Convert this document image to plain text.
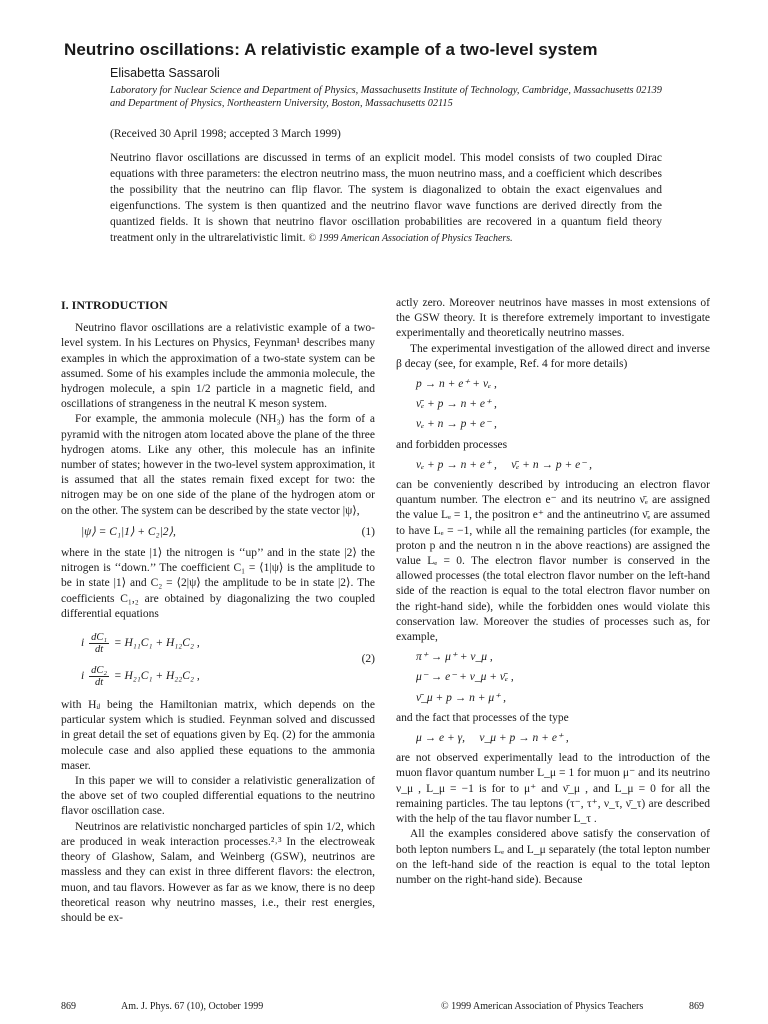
Neutrino oscillations: A relativistic example of a two-level system
Elisabetta Sassaroli
Laboratory for Nuclear Science and Department of Physics, Massachusetts Institute of Technology, Cambridge, Massachusetts 02139 and Department of Physics, Northeastern University, Boston, Massachusetts 02115
(Received 30 April 1998; accepted 3 March 1999)
Neutrino flavor oscillations are discussed in terms of an explicit model. This model consists of two coupled Dirac equations with three parameters: the electron neutrino mass, the muon neutrino mass, and a coefficient which describes the possibility that the neutrino can flip flavor. The system is diagonalized to obtain the exact eigenvalues and eigenfunctions. The system is then quantized and the neutrino flavor wave functions are derived directly from the quantized fields. It is shown that neutrino flavor oscillation probabilities are recovered in a quantum field theory treatment only in the ultrarelativistic limit. © 1999 American Association of Physics Teachers.
I. INTRODUCTION

Neutrino flavor oscillations are a relativistic example of a two-level system. In his Lectures on Physics, Feynman¹ describes many examples in which the approximation of a two-state system can be assumed. Some of his examples include the ammonia molecule, the hydrogen molecule, a spin 1/2 particle in a magnetic field, and oscillations of strangeness in the neutral K meson system.

For example, the ammonia molecule (NH₃) has the form of a pyramid with the nitrogen atom located above the plane of the three hydrogen atoms. Like any other, this molecule has an infinite number of states; however in the two-level system approximation, it is assumed that all the states remain fixed except for two: the nitrogen may be on one side of the plane of the hydrogen atom or on the other. The system can be described by the state vector |ψ⟩,

|ψ⟩ = C₁|1⟩ + C₂|2⟩,	(1)

where in the state |1⟩ the nitrogen is ‘‘up’’ and in the state |2⟩ the nitrogen is ‘‘down.’’ The coefficient C₁ = ⟨1|ψ⟩ is the amplitude to be in state |1⟩ and C₂ = ⟨2|ψ⟩ the amplitude to be in state |2⟩. The coefficients C₁,₂ are obtained by diagonalizing the two coupled differential equations

i $\frac{\text{dC₁}}{dt} = H_{11}C_1 + H_{12}C_2$ ,
i $\frac{\text{dC₂}}{dt} = H_{21}C_1 + H_{22}C_2$ ,
(2)

with Hᵢⱼ being the Hamiltonian matrix, which depends on the particular system which is studied. Feynman solved and discussed in great detail the set of equations given by Eq. (2) for the ammonia molecule case and also applied these equations to the ammonia maser.

In this paper we will to consider a relativistic generalization of the above set of two coupled differential equations to the neutrino flavor oscillation case.

Neutrinos are relativistic noncharged particles of spin 1/2, which are produced in weak interaction processes.²˒³ In the electroweak theory of Glashow, Salam, and Weinberg (GSW), neutrinos are massless and they can exist in three different flavors: the electron, muon, and tau flavors. However as far as we know, there is no deep theoretical reason why neutrino masses, i.e., their rest energies, should be ex-

actly zero. Moreover neutrinos have masses in most extensions of the GSW theory. It is therefore extremely important to investigate experimentally and theoretically neutrino masses.

The experimental investigation of the allowed direct and inverse β decay (see, for example, Ref. 4 for more details)

p → n + e⁺ + νₑ ,
ν̄ₑ + p → n + e⁺ ,
νₑ + n → p + e⁻ ,

and forbidden processes

νₑ + p → n + e⁺ ,     ν̄ₑ + n → p + e⁻ ,

can be conveniently described by introducing an electron flavor quantum number. The electron e⁻ and its neutrino ν̄ₑ are assigned the value Lₑ = 1, the positron e⁺ and the antineutrino ν̄ₑ are assumed to have Lₑ = −1, while all the remaining particles (for example, the proton p and the neutron n in the above reactions) are assigned the value Lₑ = 0. The electron flavor number is conserved in the allowed processes (the total electron flavor number on the left-hand side of the reaction is equal to the total electron flavor number on the right-hand side), while the forbidden ones would violate this conservation law. Moreover the studies of processes such as, for example,

π⁺ → μ⁺ + ν_μ ,
μ⁻ → e⁻ + ν_μ + ν̄ₑ ,
ν̄_μ + p → n + μ⁺ ,

and the fact that processes of the type

μ → e + γ,     ν_μ + p → n + e⁺ ,

are not observed experimentally lead to the introduction of the muon flavor quantum number L_μ = 1 for muon μ⁻ and its neutrino ν_μ , L_μ = −1 is for to μ⁺ and ν̄_μ , and L_μ = 0 for all the remaining particles. The tau leptons (τ⁻, τ⁺, ν_τ, ν̄_τ) are described with the help of the tau flavor number L_τ .

All the examples considered above satisfy the conservation of both lepton numbers Lₑ and L_μ separately (the total lepton number on the left-hand side of the reaction is equal to the total lepton number on the right-hand side). Because

869	Am. J. Phys. 67 (10), October 1999	© 1999 American Association of Physics Teachers	869
